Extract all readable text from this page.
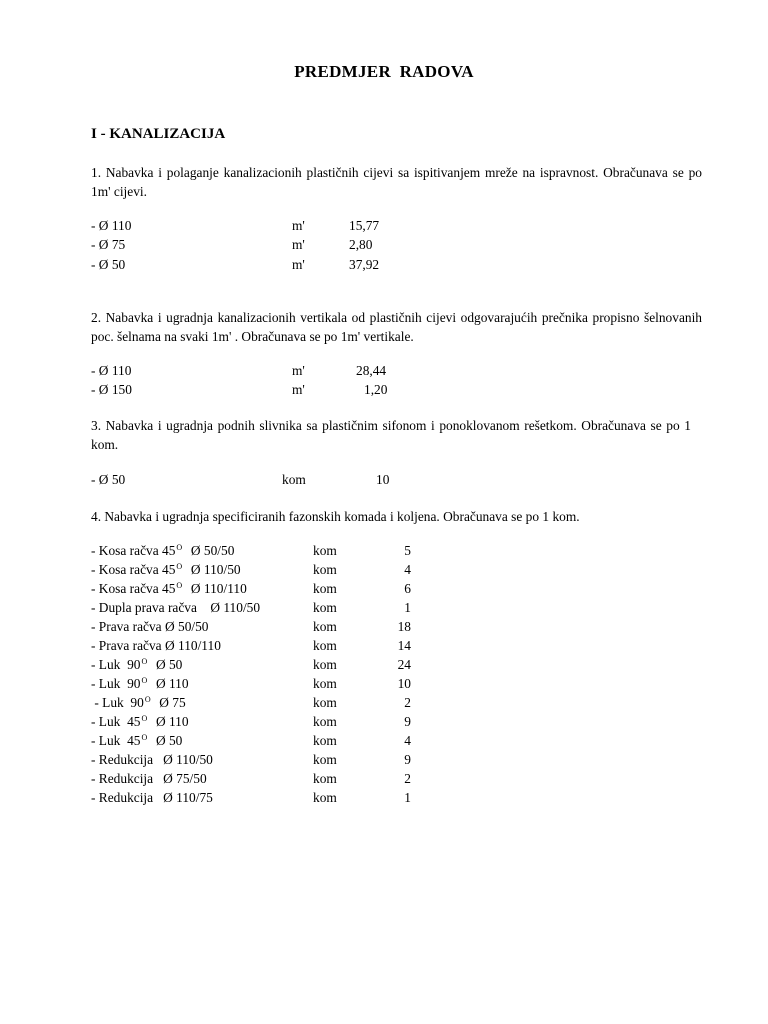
PREDMJER RADOVA
I - KANALIZACIJA
1. Nabavka i polaganje kanalizacionih plastičnih cijevi sa ispitivanjem mreže na ispravnost. Obračunava se po 1m' cijevi.
- Ø 110	m'	15,77
- Ø 75	m'	2,80
- Ø 50	m'	37,92
2. Nabavka i ugradnja kanalizacionih vertikala od plastičnih cijevi odgovarajućih prečnika propisno šelnovanih poc. šelnama na svaki 1m' . Obračunava se po 1m' vertikale.
- Ø 110	m'	28,44
- Ø 150	m'	1,20
3. Nabavka i ugradnja podnih slivnika sa plastičnim sifonom i ponoklovanom rešetkom. Obračunava se po 1 kom.
- Ø 50	kom	10
4. Nabavka i ugradnja specificiranih fazonskih komada i koljena. Obračunava se po 1 kom.
- Kosa račva $45^O$  Ø 50/50	kom	5
- Kosa račva $45^O$  Ø 110/50	kom	4
- Kosa račva $45^O$  Ø 110/110	kom	6
- Dupla prava račva    Ø 110/50	kom	1
- Prava račva Ø 50/50	kom	18
- Prava račva Ø 110/110	kom	14
- Luk  $90^O$  Ø 50	kom	24
- Luk  $90^O$  Ø 110	kom	10
- Luk  $90^O$  Ø 75	kom	2
- Luk  $45^O$  Ø 110	kom	9
- Luk  $45^O$  Ø 50	kom	4
- Redukcija   Ø 110/50	kom	9
- Redukcija   Ø 75/50	kom	2
- Redukcija   Ø 110/75	kom	1
